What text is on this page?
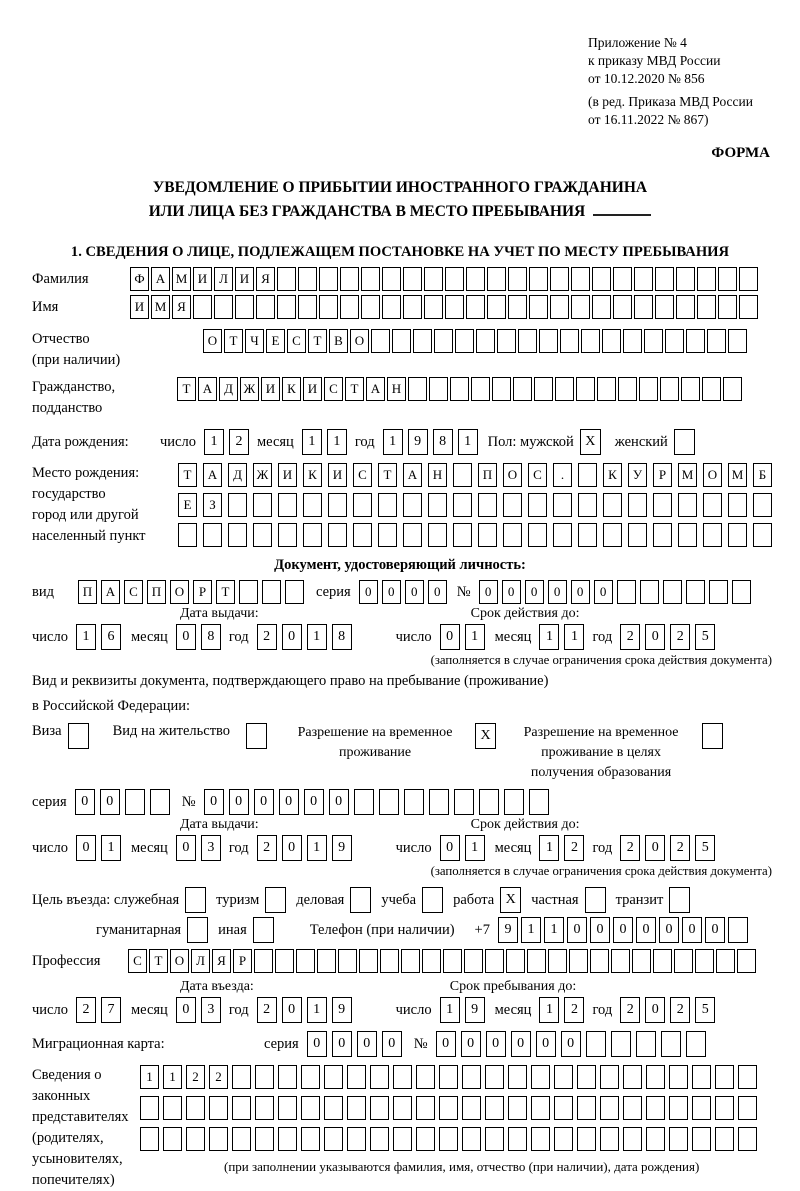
Приложение № 4
к приказу МВД России
от 10.12.2020 № 856
(в ред. Приказа МВД России
от 16.11.2022 № 867)
ФОРМА
УВЕДОМЛЕНИЕ О ПРИБЫТИИ ИНОСТРАННОГО ГРАЖДАНИНА
ИЛИ ЛИЦА БЕЗ ГРАЖДАНСТВА В МЕСТО ПРЕБЫВАНИЯ
1. СВЕДЕНИЯ О ЛИЦЕ, ПОДЛЕЖАЩЕМ ПОСТАНОВКЕ НА УЧЕТ ПО МЕСТУ ПРЕБЫВАНИЯ
Фамилия	Ф А М И Л И Я
Имя	И М Я
Отчество
(при наличии)
О Т Ч Е С Т В О
Гражданство,
подданство
Т А Д Ж И К И С Т А Н
Дата рождения:	число	1	2	месяц	1	1	год	1	9	8	1	Пол: мужской X	женский
Место рождения:
государство
город или другой
населенный пункт
Т	А	Д	Ж	И	К	И	С	Т	А	Н	П	О	С	.	К	У	Р	М	О	М	Б
Е	З
Документ, удостоверяющий личность:
вид	П	А	С	П	О	Р	Т	серия	0	0	0	0	№	0	0	0	0	0	0
Дата выдачи:	Срок действия до:
число	1	6	месяц	0	8	год	2	0	1	8	число	0	1	месяц	1	1	год	2	0	2	5
(заполняется в случае ограничения срока действия документа)
Вид и реквизиты документа, подтверждающего право на пребывание (проживание)
в Российской Федерации:
Виза	Вид на жительство	Разрешение на временное
проживание
X	Разрешение на временное
проживание в целях
получения образования
серия	0	0	№	0	0	0	0	0	0
Дата выдачи:	Срок действия до:
число	0	1	месяц	0	3	год	2	0	1	9	число	0	1	месяц	1	2	год	2	0	2	5
(заполняется в случае ограничения срока действия документа)
Цель въезда: служебная	туризм	деловая	учеба	работа X	частная	транзит
гуманитарная	иная	Телефон (при наличии) +7	9	1	1	0	0	0	0	0	0	0
Профессия	С Т О Л Я	Р
Дата въезда:	Срок пребывания до:
число	2	7	месяц	0	3	год	2	0	1	9	число	1	9	месяц	1	2	год	2	0	2	5
Миграционная карта:	серия	0	0	0	0	№	0	0	0	0	0	0
Сведения о
законных
представителях
(родителях,
усыновителях,
попечителях)
1	1	2	2
(при заполнении указываются фамилия, имя, отчество (при наличии), дата рождения)
